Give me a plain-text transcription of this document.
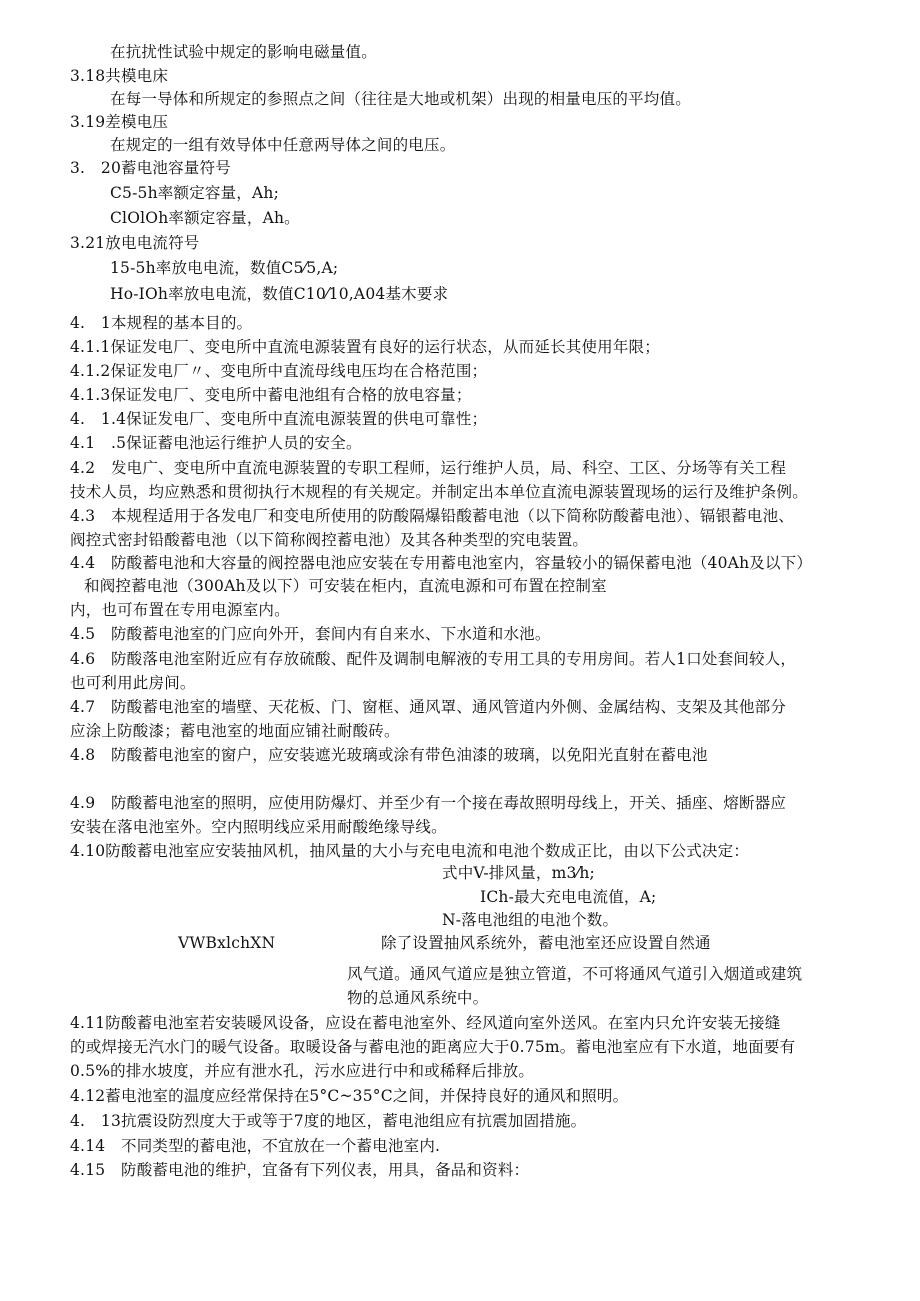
在抗扰性试验中规定的影响电磁量值。
3.18共模电床
在每一导体和所规定的参照点之间（往往是大地或机架）出现的相量电压的平均值。
3.19差模电压
在规定的一组有效导体中任意两导体之间的电压。
3.　20蓄电池容量符号
C5-5h率额定容量，Ah;
ClOlOh率额定容量，Ah。
3.21放电电流符号
15-5h率放电电流，数值C5⁄5,A;
Ho-IOh率放电电流，数值C10⁄10,A04基木要求
4.　1本规程的基本目的。
4.1.1保证发电厂、变电所中直流电源装置有良好的运行状态，从而延长其使用年限；
4.1.2保证发电厂〃、变电所中直流母线电压均在合格范围；
4.1.3保证发电厂、变电所中蓄电池组有合格的放电容量；
4.　1.4保证发电厂、变电所中直流电源装置的供电可靠性；
4.1　.5保证蓄电池运行维护人员的安全。
4.2　发电广、变电所中直流电源装置的专职工程师，运行维护人员，局、科空、工区、分场等有关工程
技术人员，均应熟悉和贯彻执行木规程的有关规定。并制定出本单位直流电源装置现场的运行及维护条例。
4.3　本规程适用于各发电厂和变电所使用的防酸隔爆铅酸蓄电池（以下简称防酸蓄电池）、镉银蓄电池、
阀控式密封铅酸蓄电池（以下简称阀控蓄电池）及其各种类型的究电装置。
4.4　防酸蓄电池和大容量的阀控器电池应安装在专用蓄电池室内，容量较小的镉保蓄电池（40Ah及以下）
和阀控蓄电池（300Ah及以下）可安装在柜内，直流电源和可布置在控制室
内，也可布置在专用电源室内。
4.5　防酸蓄电池室的门应向外开，套间内有自来水、下水道和水池。
4.6　防酸落电池室附近应有存放硫酸、配件及调制电解液的专用工具的专用房间。若人1口处套间较人，
也可利用此房间。
4.7　防酸蓄电池室的墙壁、天花板、门、窗框、通风罩、通风管道内外侧、金属结构、支架及其他部分
应涂上防酸漆；蓄电池室的地面应铺社耐酸砖。
4.8　防酸蓄电池室的窗户，应安装遮光玻璃或涂有带色油漆的玻璃，以免阳光直射在蓄电池
4.9　防酸蓄电池室的照明，应使用防爆灯、并至少有一个接在毒故照明母线上，开关、插座、熔断器应
安装在落电池室外。空内照明线应采用耐酸绝缘导线。
4.10防酸蓄电池室应安装抽风机，抽风量的大小与充电电流和电池个数成正比，由以下公式决定：
式中V-排风量，m3⁄h;
ICh-最大充电电流值，A;
N-落电池组的电池个数。
VWBxlchXN	除了设置抽风系统外，蓄电池室还应设置自然通
风气道。通风气道应是独立管道，不可将通风气道引入烟道或建筑
物的总通风系统中。
4.11防酸蓄电池室若安装暖风设备，应设在蓄电池室外、经风道向室外送风。在室内只允许安装无接缝
的或焊接无汽水门的暖气设备。取暖设备与蓄电池的距离应大于0.75m。蓄电池室应有下水道，地面要有
0.5%的排水坡度，并应有泄水孔，污水应进行中和或稀释后排放。
4.12蓄电池室的温度应经常保持在5°C~35°C之间，并保持良好的通风和照明。
4.　13抗震设防烈度大于或等于7度的地区，蓄电池组应有抗震加固措施。
4.14　不同类型的蓄电池，不宜放在一个蓄电池室内.
4.15　防酸蓄电池的维护，宜备有下列仪表，用具，备品和资料：
